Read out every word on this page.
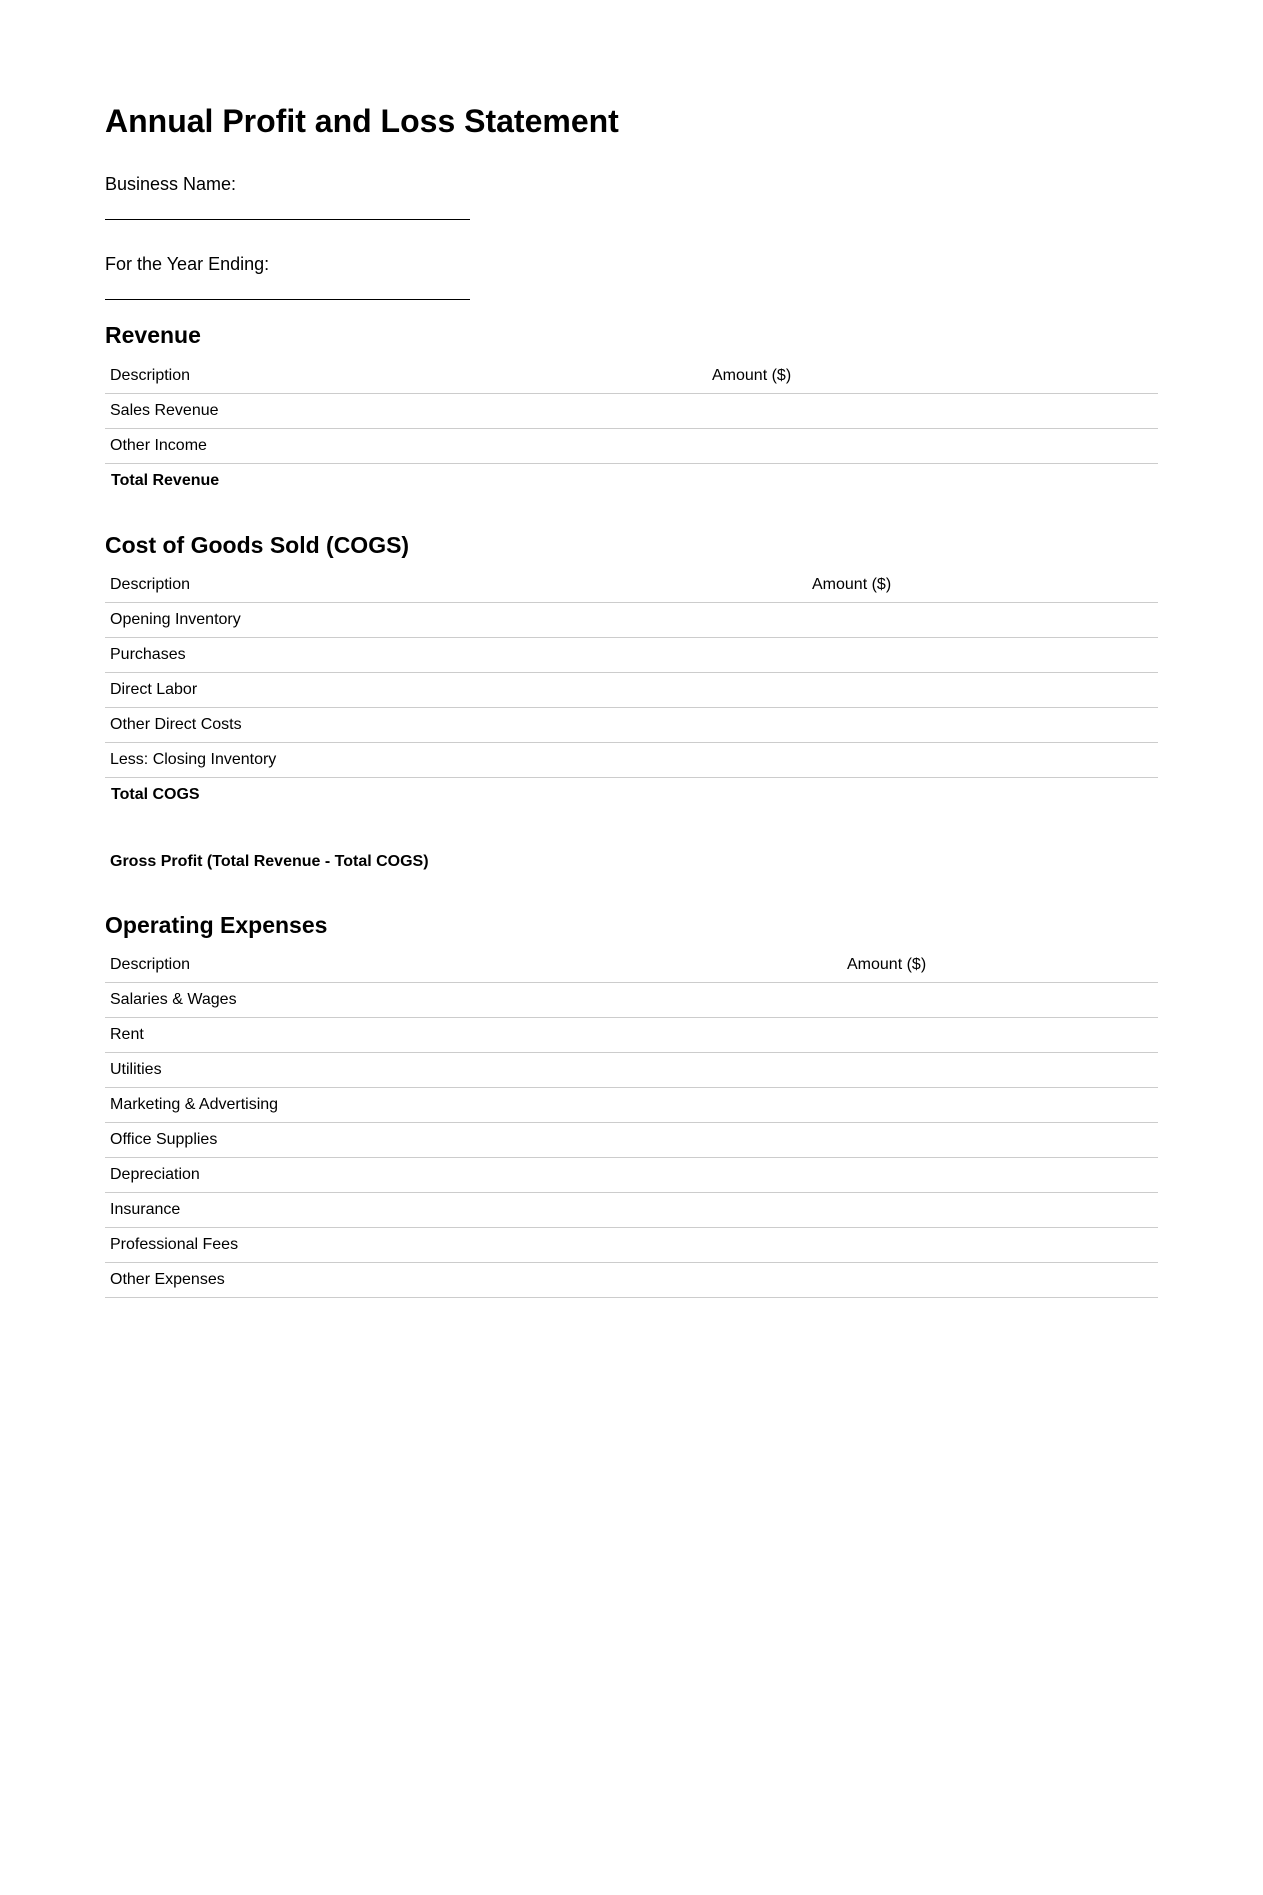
Annual Profit and Loss Statement
Business Name:
For the Year Ending:
Revenue
Description	Amount ($)
Sales Revenue	
Other Income	
Total Revenue	
Cost of Goods Sold (COGS)
Description	Amount ($)
Opening Inventory	
Purchases	
Direct Labor	
Other Direct Costs	
Less: Closing Inventory	
Total COGS	
Gross Profit (Total Revenue - Total COGS)
Operating Expenses
Description	Amount ($)
Salaries & Wages	
Rent	
Utilities	
Marketing & Advertising	
Office Supplies	
Depreciation	
Insurance	
Professional Fees	
Other Expenses	
